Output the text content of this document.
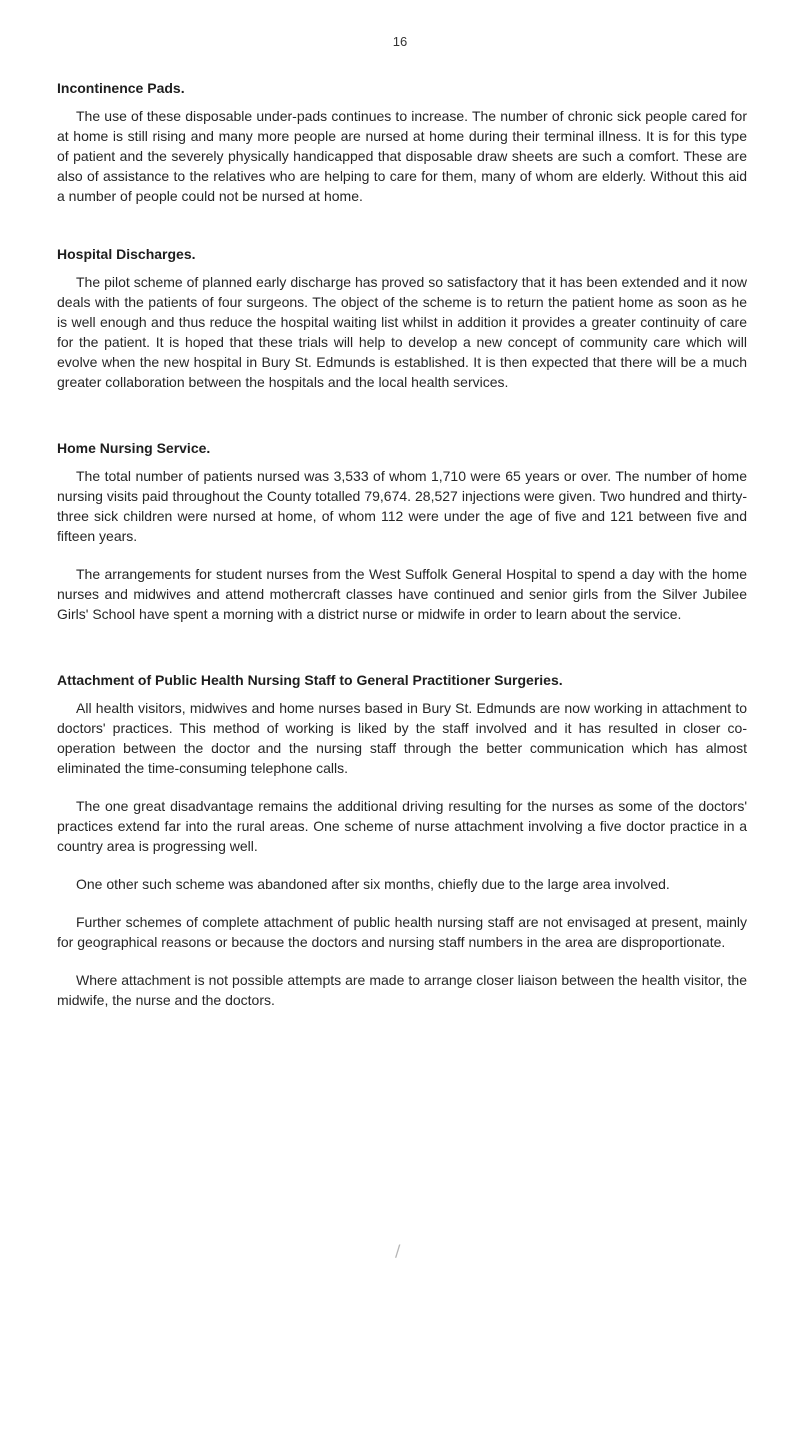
16
Incontinence Pads.

The use of these disposable under-pads continues to increase. The number of chronic sick people cared for at home is still rising and many more people are nursed at home during their terminal illness. It is for this type of patient and the severely physically handicapped that disposable draw sheets are such a comfort. These are also of assistance to the relatives who are helping to care for them, many of whom are elderly. Without this aid a number of people could not be nursed at home.

Hospital Discharges.

The pilot scheme of planned early discharge has proved so satisfactory that it has been extended and it now deals with the patients of four surgeons. The object of the scheme is to return the patient home as soon as he is well enough and thus reduce the hospital waiting list whilst in addition it provides a greater continuity of care for the patient. It is hoped that these trials will help to develop a new concept of community care which will evolve when the new hospital in Bury St. Edmunds is established. It is then expected that there will be a much greater collaboration between the hospitals and the local health services.

Home Nursing Service.

The total number of patients nursed was 3,533 of whom 1,710 were 65 years or over. The number of home nursing visits paid throughout the County totalled 79,674. 28,527 injections were given. Two hundred and thirty-three sick children were nursed at home, of whom 112 were under the age of five and 121 between five and fifteen years.

The arrangements for student nurses from the West Suffolk General Hospital to spend a day with the home nurses and midwives and attend mothercraft classes have continued and senior girls from the Silver Jubilee Girls' School have spent a morning with a district nurse or midwife in order to learn about the service.

Attachment of Public Health Nursing Staff to General Practitioner Surgeries.

All health visitors, midwives and home nurses based in Bury St. Edmunds are now working in attachment to doctors' practices. This method of working is liked by the staff involved and it has resulted in closer co-operation between the doctor and the nursing staff through the better communication which has almost eliminated the time-consuming telephone calls.

The one great disadvantage remains the additional driving resulting for the nurses as some of the doctors' practices extend far into the rural areas. One scheme of nurse attachment involving a five doctor practice in a country area is progressing well.

One other such scheme was abandoned after six months, chiefly due to the large area involved.

Further schemes of complete attachment of public health nursing staff are not envisaged at present, mainly for geographical reasons or because the doctors and nursing staff numbers in the area are disproportionate.

Where attachment is not possible attempts are made to arrange closer liaison between the health visitor, the midwife, the nurse and the doctors.

/
